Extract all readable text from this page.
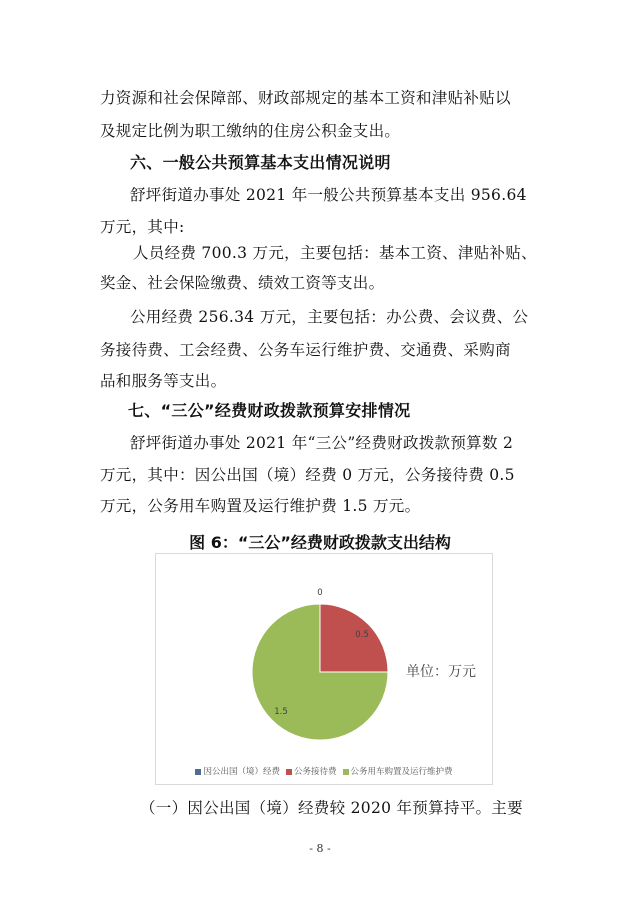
力资源和社会保障部、财政部规定的基本工资和津贴补贴以
及规定比例为职工缴纳的住房公积金支出。
六、一般公共预算基本支出情况说明
舒坪街道办事处 2021 年一般公共预算基本支出 956.64
万元，其中:
人员经费 700.3 万元，主要包括：基本工资、津贴补贴、
奖金、社会保险缴费、绩效工资等支出。
公用经费 256.34 万元，主要包括：办公费、会议费、公
务接待费、工会经费、公务车运行维护费、交通费、采购商
品和服务等支出。
七、“三公”经费财政拨款预算安排情况
舒坪街道办事处 2021 年“三公”经费财政拨款预算数 2
万元，其中：因公出国（境）经费 0 万元，公务接待费 0.5
万元，公务用车购置及运行维护费 1.5 万元。
图 6：“三公”经费财政拨款支出结构
0
0.5
1.5
单位：万元
因公出国（境）经费 公务接待费 公务用车购置及运行维护费
（一）因公出国（境）经费较 2020 年预算持平。主要
- 8 -
